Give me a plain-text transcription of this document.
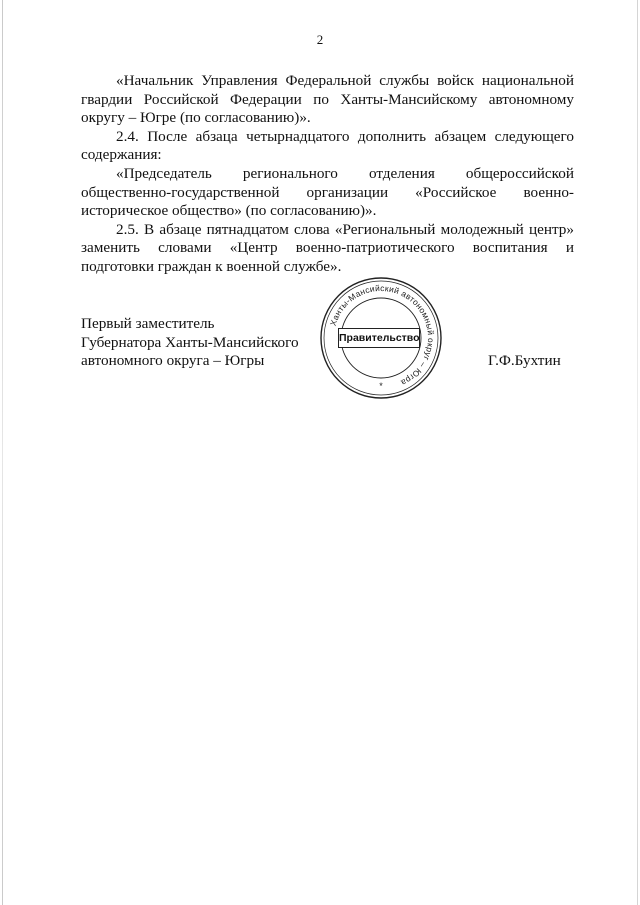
2

«Начальник Управления Федеральной службы войск национальной гвардии Российской Федерации по Ханты-Мансийскому автономному округу – Югре (по согласованию)».

2.4. После абзаца четырнадцатого дополнить абзацем следующего содержания:

«Председатель регионального отделения общероссийской общественно-государственной организации «Российское военно-историческое общество» (по согласованию)».

2.5. В абзаце пятнадцатом слова «Региональный молодежный центр» заменить словами «Центр военно-патриотического воспитания и подготовки граждан к военной службе».

Первый заместитель
Губернатора Ханты-Мансийского
автономного округа – Югры
Ханты-Мансийский автономный округ – Югра
*
Правительство
Г.Ф.Бухтин
